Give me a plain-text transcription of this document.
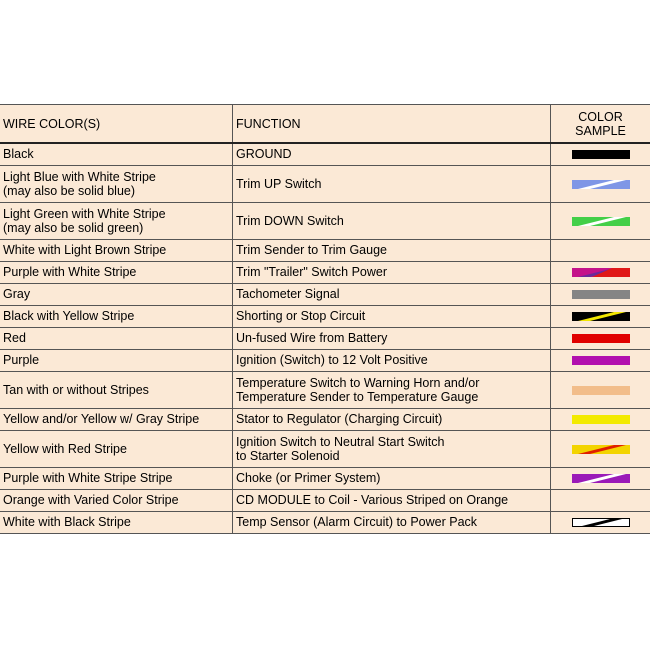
WIRE COLOR(S)	FUNCTION	COLOR
SAMPLE
Black	GROUND	

Light Blue with White Stripe
(may also be solid blue)	Trim UP Switch	

Light Green with White Stripe
(may also be solid green)	Trim DOWN Switch	

White with Light Brown Stripe	Trim Sender to Trim Gauge	
Purple with White Stripe	Trim "Trailer" Switch Power	

Gray	Tachometer Signal	

Black with Yellow Stripe	Shorting or Stop Circuit	

Red	Un-fused Wire from Battery	

Purple	Ignition (Switch) to 12 Volt Positive	

Tan with or without Stripes	Temperature Switch to Warning Horn and/or
Temperature Sender to Temperature Gauge	

Yellow and/or Yellow w/ Gray Stripe	Stator to Regulator (Charging Circuit)	

Yellow with Red Stripe	Ignition Switch to Neutral Start Switch
to Starter Solenoid	

Purple with White Stripe Stripe	Choke (or Primer System)	

Orange with Varied Color Stripe	CD MODULE to Coil - Various Striped on Orange	
White with Black Stripe	Temp Sensor (Alarm Circuit) to Power Pack	
